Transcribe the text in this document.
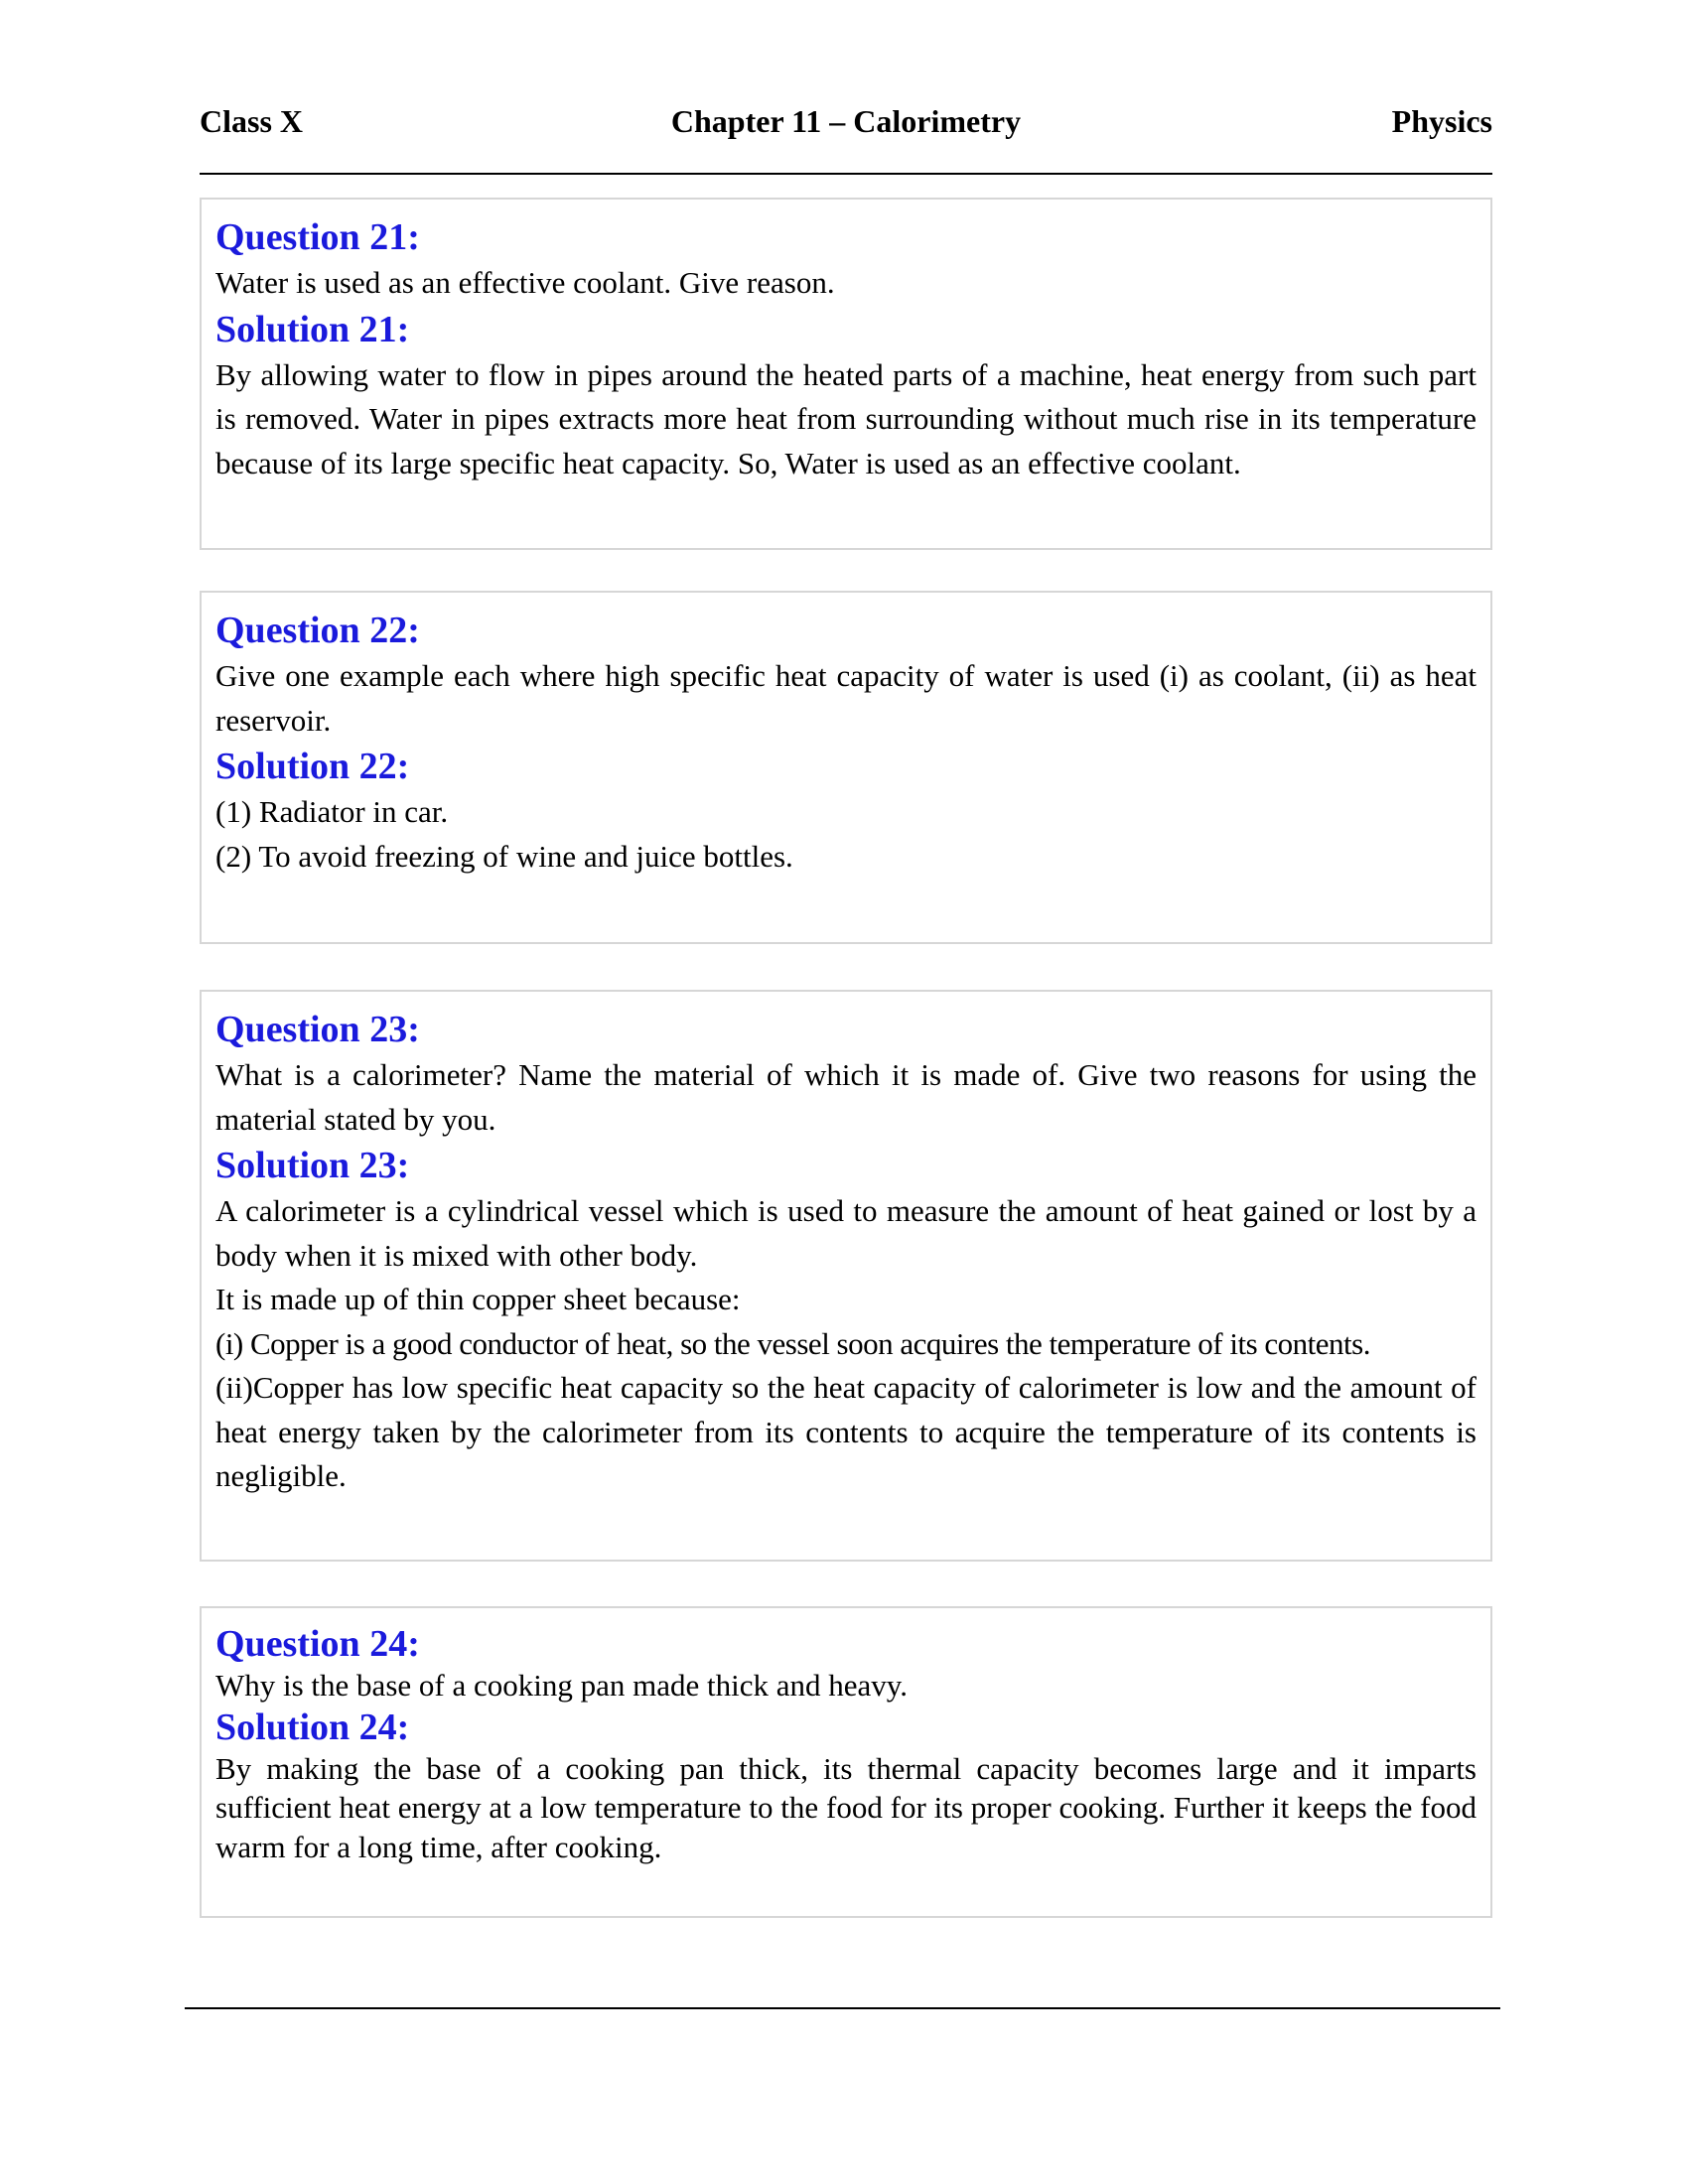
Class X	Chapter 11 – Calorimetry	Physics
Question 21:

Water is used as an effective coolant. Give reason.

Solution 21:

By allowing water to flow in pipes around the heated parts of a machine, heat energy from such part is removed. Water in pipes extracts more heat from surrounding without much rise in its temperature because of its large specific heat capacity. So, Water is used as an effective coolant.

Question 22:

Give one example each where high specific heat capacity of water is used (i) as coolant, (ii) as heat reservoir.

Solution 22:

(1) Radiator in car.

(2) To avoid freezing of wine and juice bottles.

Question 23:

What is a calorimeter? Name the material of which it is made of. Give two reasons for using the material stated by you.

Solution 23:

A calorimeter is a cylindrical vessel which is used to measure the amount of heat gained or lost by a body when it is mixed with other body.

It is made up of thin copper sheet because:

(i) Copper is a good conductor of heat, so the vessel soon acquires the temperature of its contents.

(ii)Copper has low specific heat capacity so the heat capacity of calorimeter is low and the amount of heat energy taken by the calorimeter from its contents to acquire the temperature of its contents is negligible.

Question 24:

Why is the base of a cooking pan made thick and heavy.

Solution 24:

By making the base of a cooking pan thick, its thermal capacity becomes large and it imparts sufficient heat energy at a low temperature to the food for its proper cooking. Further it keeps the food warm for a long time, after cooking.
